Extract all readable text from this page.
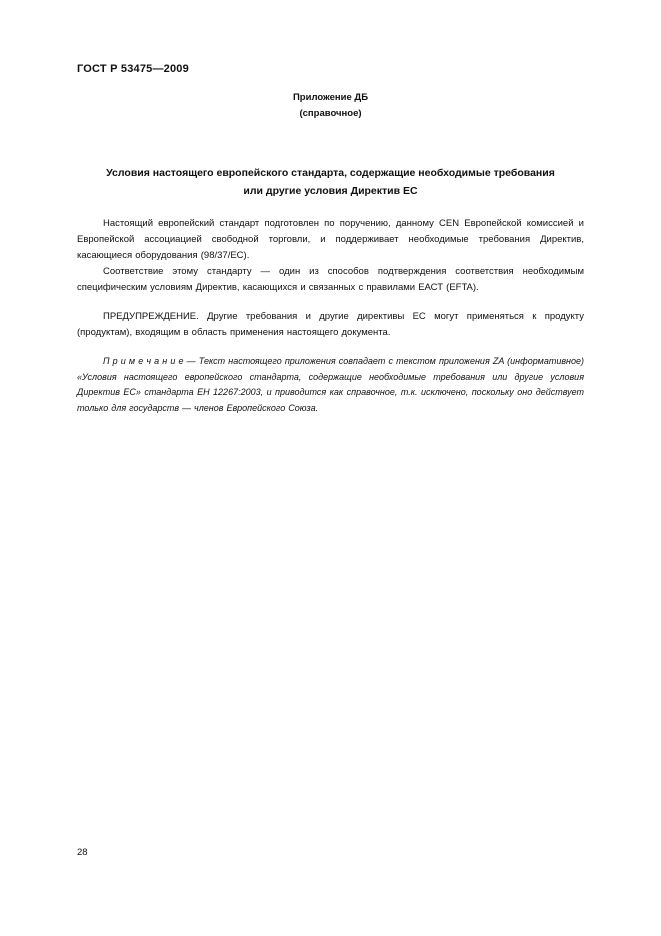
ГОСТ Р 53475—2009
Приложение ДБ
(справочное)
Условия настоящего европейского стандарта, содержащие необходимые требования
или другие условия Директив ЕС

Настоящий европейский стандарт подготовлен по поручению, данному CEN Европейской комиссией и Европейской ассоциацией свободной торговли, и поддерживает необходимые требования Директив, касающиеся оборудования (98/37/ЕС).

Соответствие этому стандарту — один из способов подтверждения соответствия необходимым специфическим условиям Директив, касающихся и связанных с правилами ЕАСТ (EFTA).

ПРЕДУПРЕЖДЕНИЕ. Другие требования и другие директивы ЕС могут применяться к продукту (продуктам), входящим в область применения настоящего документа.

П р и м е ч а н и е — Текст настоящего приложения совпадает с текстом приложения ZA (информативное) «Условия настоящего европейского стандарта, содержащие необходимые требования или другие условия Директив ЕС» стандарта ЕН 12267:2003, и приводится как справочное, т.к. исключено, поскольку оно действует только для государств — членов Европейского Союза.

28
